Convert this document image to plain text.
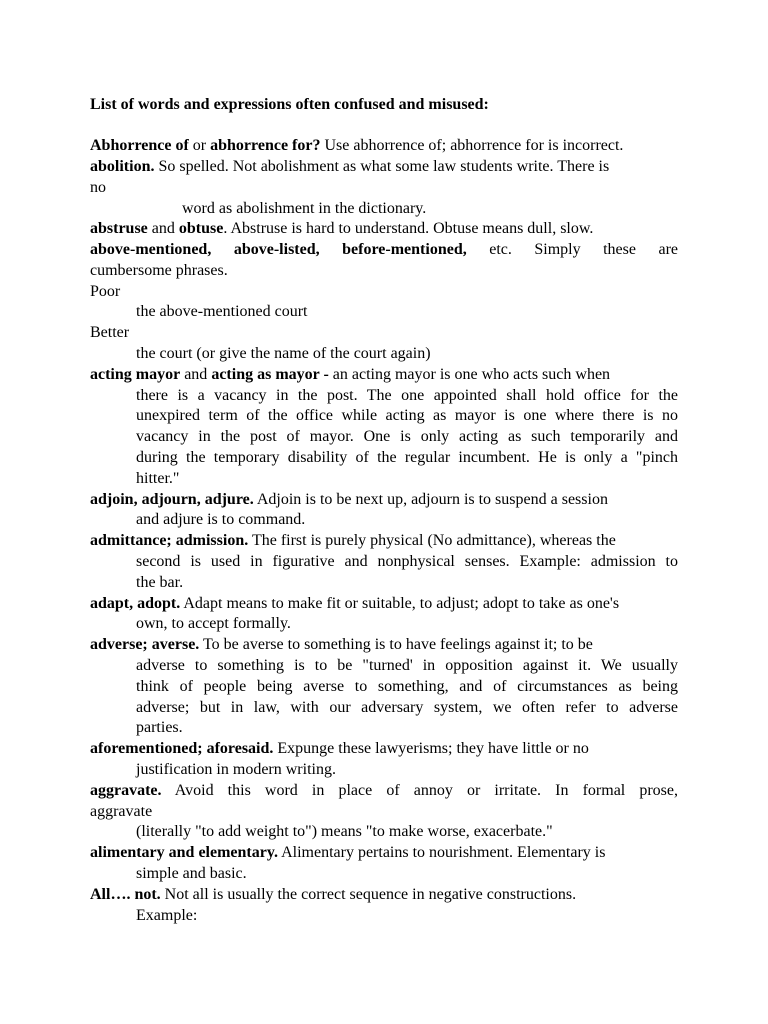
List of words and expressions often confused and misused:
Abhorrence of or abhorrence for? Use abhorrence of; abhorrence for is incorrect.
abolition. So spelled. Not abolishment as what some law students write. There is
no
word as abolishment in the dictionary.
abstruse and obtuse. Abstruse is hard to understand. Obtuse means dull, slow.
above-mentioned, above-listed, before-mentioned, etc. Simply these are
cumbersome phrases.
Poor
the above-mentioned court
Better
the court (or give the name of the court again)
acting mayor and acting as mayor - an acting mayor is one who acts such when
there is a vacancy in the post. The one appointed shall hold office for the
unexpired term of the office while acting as mayor is one where there is no
vacancy in the post of mayor. One is only acting as such temporarily and
during the temporary disability of the regular incumbent. He is only a "pinch
hitter."
adjoin, adjourn, adjure. Adjoin is to be next up, adjourn is to suspend a session
and adjure is to command.
admittance; admission. The first is purely physical (No admittance), whereas the
second is used in figurative and nonphysical senses. Example: admission to
the bar.
adapt, adopt. Adapt means to make fit or suitable, to adjust; adopt to take as one's
own, to accept formally.
adverse; averse. To be averse to something is to have feelings against it; to be
adverse to something is to be "turned' in opposition against it. We usually
think of people being averse to something, and of circumstances as being
adverse; but in law, with our adversary system, we often refer to adverse
parties.
aforementioned; aforesaid. Expunge these lawyerisms; they have little or no
justification in modern writing.
aggravate. Avoid this word in place of annoy or irritate. In formal prose,
aggravate
(literally "to add weight to") means "to make worse, exacerbate."
alimentary and elementary. Alimentary pertains to nourishment. Elementary is
simple and basic.
All…. not. Not all is usually the correct sequence in negative constructions.
Example:
